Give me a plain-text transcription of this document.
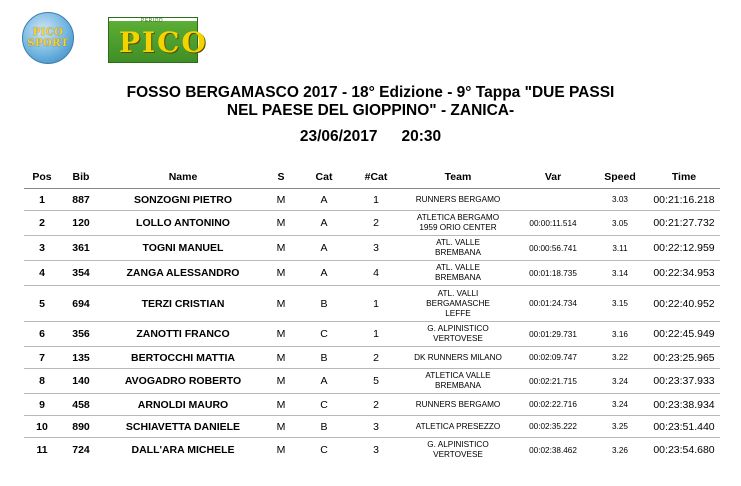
PICO
SPORT
PERIOD
PICO
FOSSO BERGAMASCO 2017 - 18° Edizione - 9° Tappa "DUE PASSI
NEL PAESE DEL GIOPPINO" - ZANICA-
23/06/2017 20:30
Pos	Bib	Name	S	Cat	#Cat	Team	Var	Speed	Time
1	887	SONZOGNI PIETRO	M	A	1	RUNNERS BERGAMO		3.03	00:21:16.218
2	120	LOLLO ANTONINO	M	A	2	ATLETICA BERGAMO
1959 ORIO CENTER	00:00:11.514	3.05	00:21:27.732
3	361	TOGNI MANUEL	M	A	3	ATL. VALLE
BREMBANA	00:00:56.741	3.11	00:22:12.959
4	354	ZANGA ALESSANDRO	M	A	4	ATL. VALLE
BREMBANA	00:01:18.735	3.14	00:22:34.953
5	694	TERZI CRISTIAN	M	B	1	ATL. VALLI
BERGAMASCHE
LEFFE	00:01:24.734	3.15	00:22:40.952
6	356	ZANOTTI FRANCO	M	C	1	G. ALPINISTICO
VERTOVESE	00:01:29.731	3.16	00:22:45.949
7	135	BERTOCCHI MATTIA	M	B	2	DK RUNNERS MILANO	00:02:09.747	3.22	00:23:25.965
8	140	AVOGADRO ROBERTO	M	A	5	ATLETICA VALLE
BREMBANA	00:02:21.715	3.24	00:23:37.933
9	458	ARNOLDI MAURO	M	C	2	RUNNERS BERGAMO	00:02:22.716	3.24	00:23:38.934
10	890	SCHIAVETTA DANIELE	M	B	3	ATLETICA PRESEZZO	00:02:35.222	3.25	00:23:51.440
11	724	DALL'ARA MICHELE	M	C	3	G. ALPINISTICO
VERTOVESE	00:02:38.462	3.26	00:23:54.680
